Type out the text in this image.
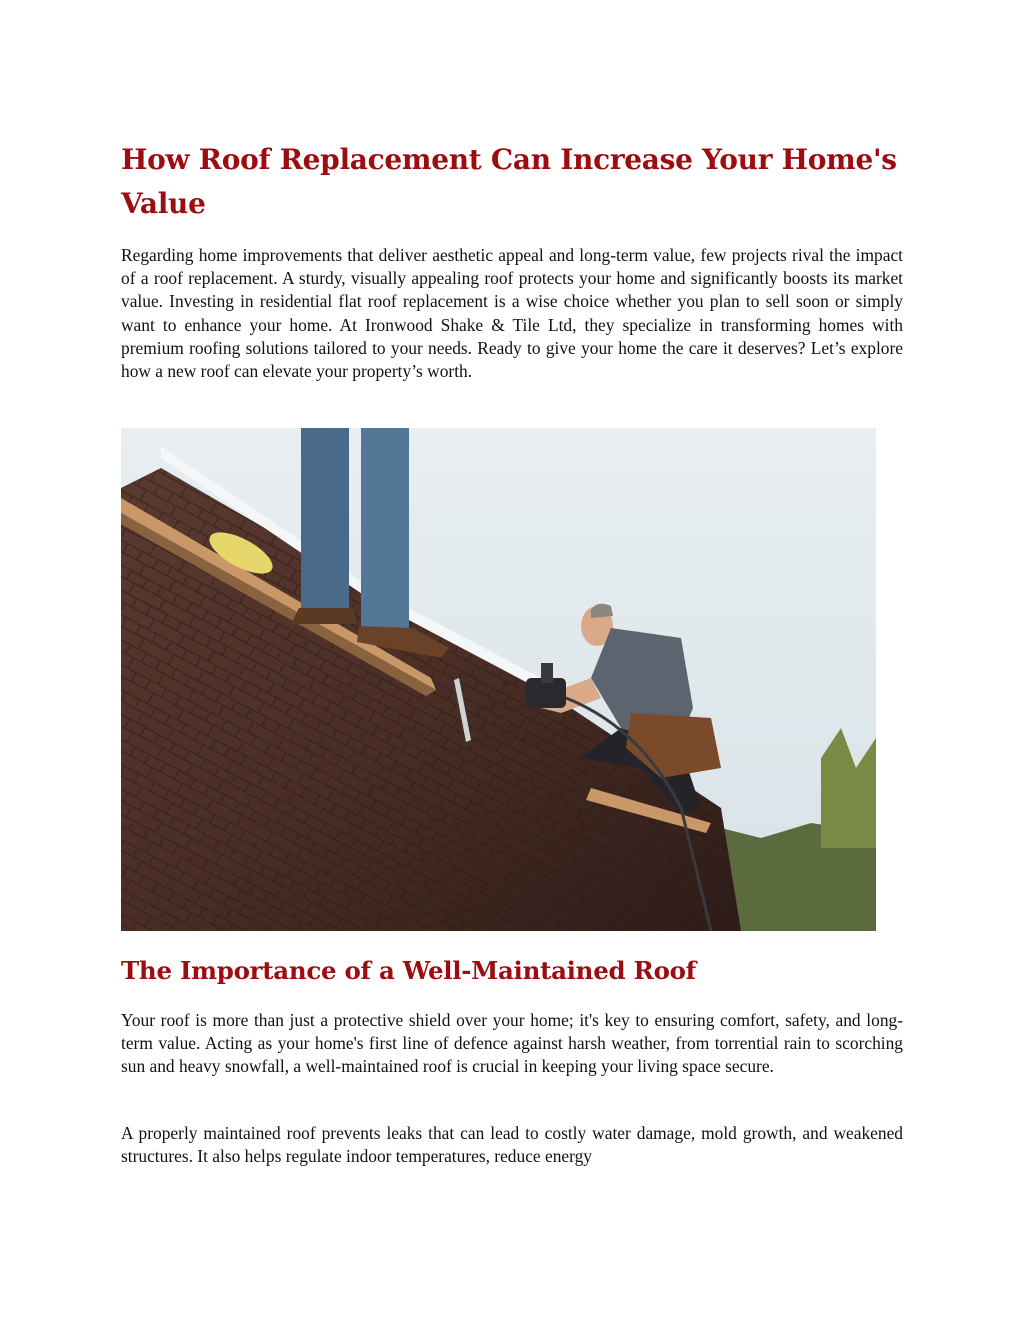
How Roof Replacement Can Increase Your Home's Value

Regarding home improvements that deliver aesthetic appeal and long-term value, few projects rival the impact of a roof replacement. A sturdy, visually appealing roof protects your home and significantly boosts its market value. Investing in residential flat roof replacement is a wise choice whether you plan to sell soon or simply want to enhance your home. At Ironwood Shake & Tile Ltd, they specialize in transforming homes with premium roofing solutions tailored to your needs. Ready to give your home the care it deserves? Let’s explore how a new roof can elevate your property’s worth.

The Importance of a Well-Maintained Roof

Your roof is more than just a protective shield over your home; it's key to ensuring comfort, safety, and long-term value. Acting as your home's first line of defence against harsh weather, from torrential rain to scorching sun and heavy snowfall, a well-maintained roof is crucial in keeping your living space secure.

A properly maintained roof prevents leaks that can lead to costly water damage, mold growth, and weakened structures. It also helps regulate indoor temperatures, reduce energy
